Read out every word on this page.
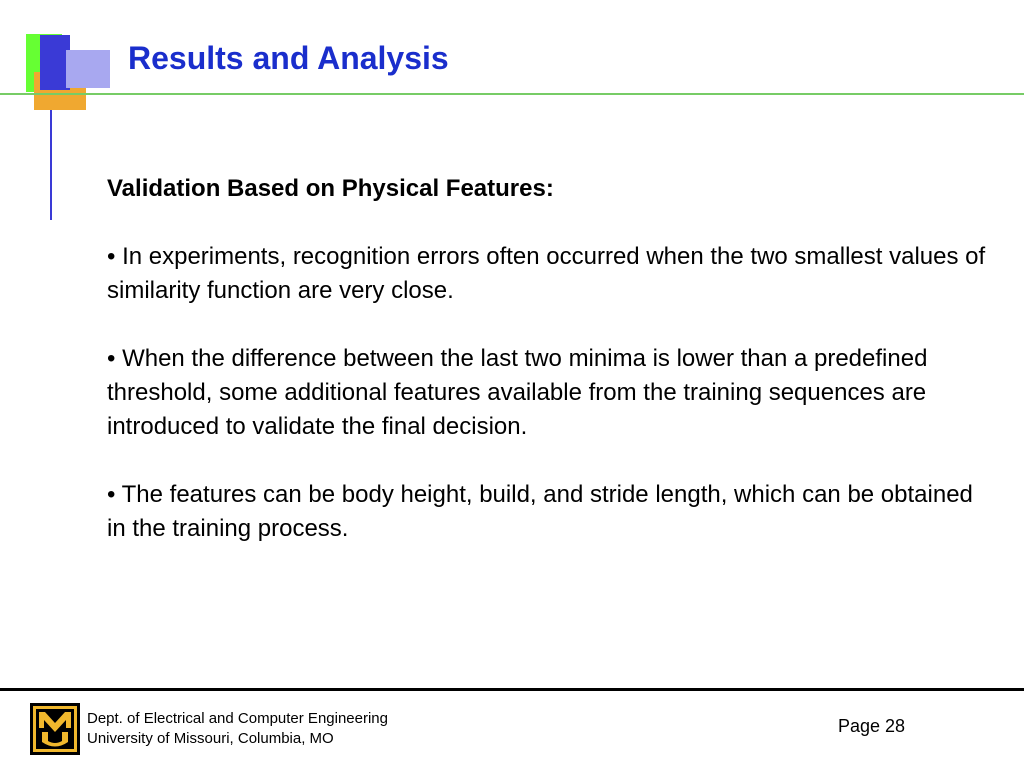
Results and Analysis

Validation Based on Physical Features:

• In experiments, recognition errors often occurred when the two smallest values of similarity function are very close.

• When the difference between the last two minima is lower than a predefined threshold, some additional features available from the training sequences are introduced to validate the final decision.

• The features can be body height, build, and stride length, which can be obtained in the training process.

Dept. of Electrical and Computer Engineering
University of Missouri, Columbia, MO
Page 28
